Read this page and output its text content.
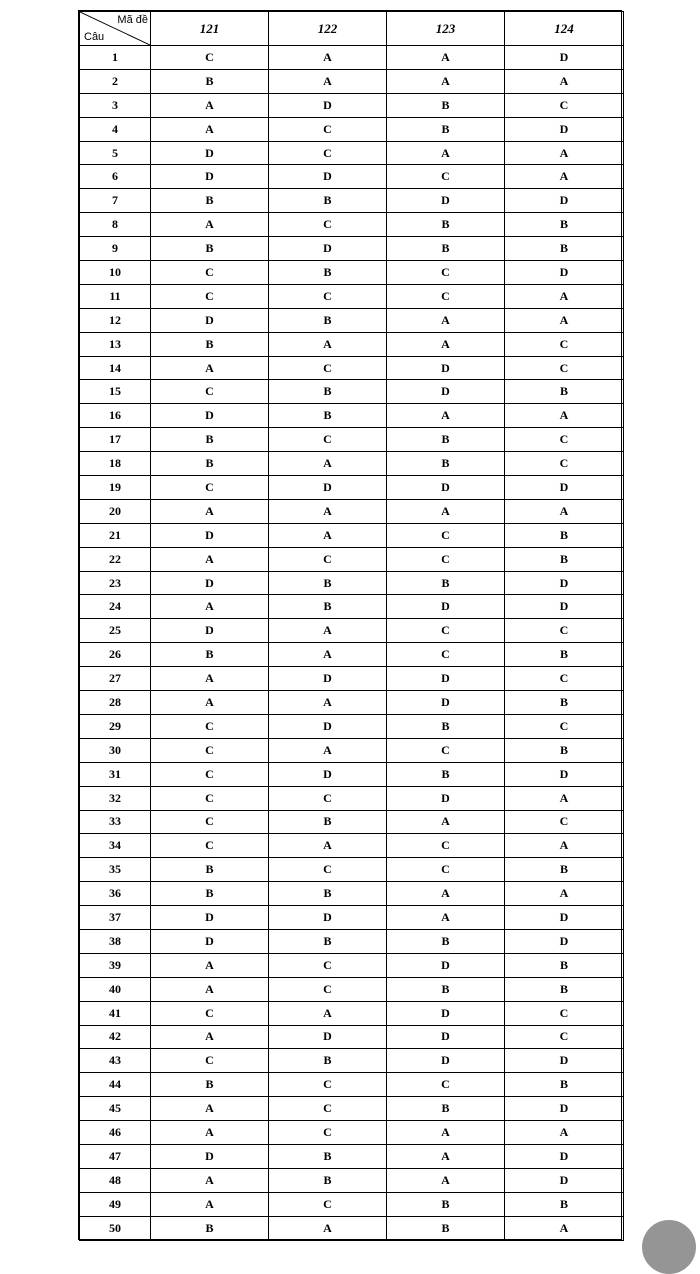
Mã đề
Câu	121	122	123	124
1	C	A	A	D
2	B	A	A	A
3	A	D	B	C
4	A	C	B	D
5	D	C	A	A
6	D	D	C	A
7	B	B	D	D
8	A	C	B	B
9	B	D	B	B
10	C	B	C	D
11	C	C	C	A
12	D	B	A	A
13	B	A	A	C
14	A	C	D	C
15	C	B	D	B
16	D	B	A	A
17	B	C	B	C
18	B	A	B	C
19	C	D	D	D
20	A	A	A	A
21	D	A	C	B
22	A	C	C	B
23	D	B	B	D
24	A	B	D	D
25	D	A	C	C
26	B	A	C	B
27	A	D	D	C
28	A	A	D	B
29	C	D	B	C
30	C	A	C	B
31	C	D	B	D
32	C	C	D	A
33	C	B	A	C
34	C	A	C	A
35	B	C	C	B
36	B	B	A	A
37	D	D	A	D
38	D	B	B	D
39	A	C	D	B
40	A	C	B	B
41	C	A	D	C
42	A	D	D	C
43	C	B	D	D
44	B	C	C	B
45	A	C	B	D
46	A	C	A	A
47	D	B	A	D
48	A	B	A	D
49	A	C	B	B
50	B	A	B	A
